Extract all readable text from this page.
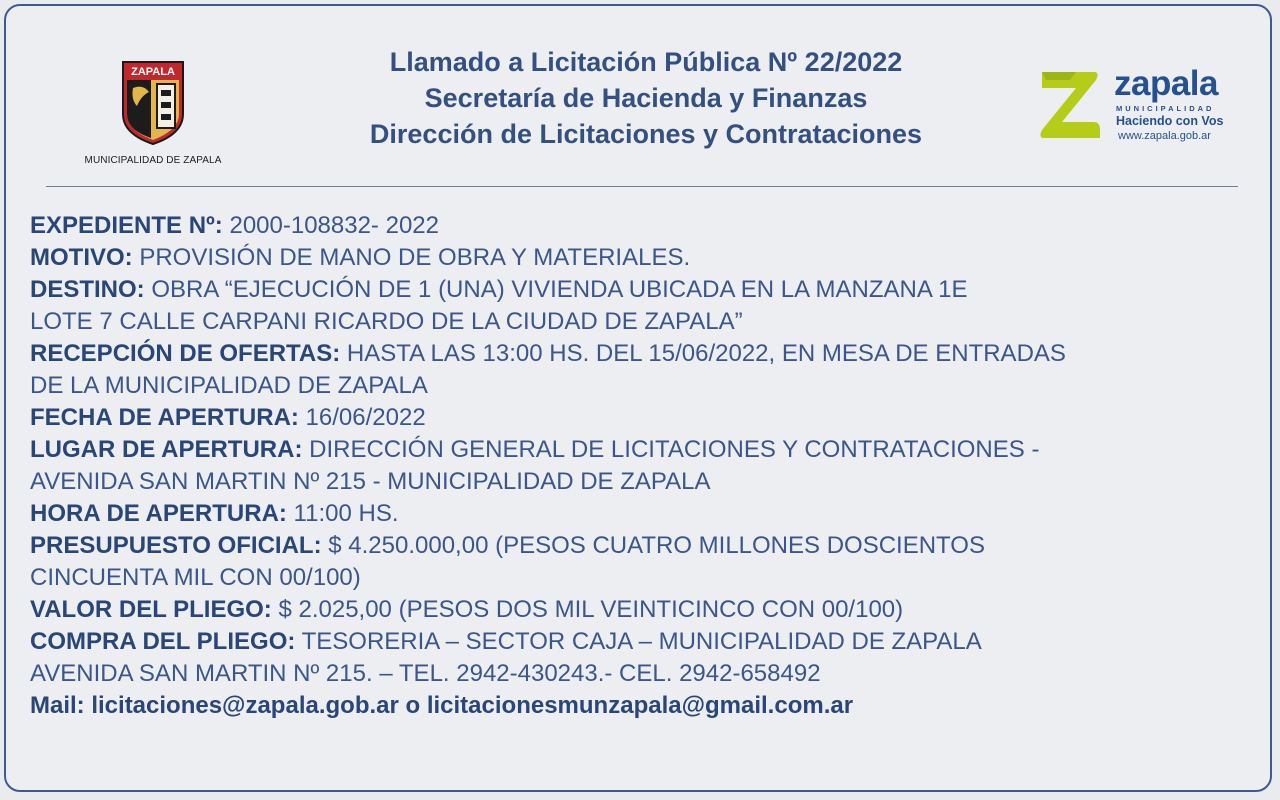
ZAPALA
MUNICIPALIDAD DE ZAPALA
Llamado a Licitación Pública Nº 22/2022
Secretaría de Hacienda y Finanzas
Dirección de Licitaciones y Contrataciones
zapala
MUNICIPALIDAD
Haciendo con Vos
www.zapala.gob.ar
EXPEDIENTE Nº: 2000-108832- 2022
MOTIVO: PROVISIÓN DE MANO DE OBRA Y MATERIALES.
DESTINO: OBRA “EJECUCIÓN DE 1 (UNA) VIVIENDA UBICADA EN LA MANZANA 1E
LOTE 7 CALLE CARPANI RICARDO DE LA CIUDAD DE ZAPALA”
RECEPCIÓN DE OFERTAS: HASTA LAS 13:00 HS. DEL 15/06/2022, EN MESA DE ENTRADAS
DE LA MUNICIPALIDAD DE ZAPALA
FECHA DE APERTURA: 16/06/2022
LUGAR DE APERTURA: DIRECCIÓN GENERAL DE LICITACIONES Y CONTRATACIONES -
AVENIDA SAN MARTIN Nº 215 - MUNICIPALIDAD DE ZAPALA
HORA DE APERTURA: 11:00 HS.
PRESUPUESTO OFICIAL: $ 4.250.000,00 (PESOS CUATRO MILLONES DOSCIENTOS
CINCUENTA MIL CON 00/100)
VALOR DEL PLIEGO: $ 2.025,00 (PESOS DOS MIL VEINTICINCO CON 00/100)
COMPRA DEL PLIEGO: TESORERIA – SECTOR CAJA – MUNICIPALIDAD DE ZAPALA
AVENIDA SAN MARTIN Nº 215. – TEL. 2942-430243.- CEL. 2942-658492
Mail: licitaciones@zapala.gob.ar o licitacionesmunzapala@gmail.com.ar
